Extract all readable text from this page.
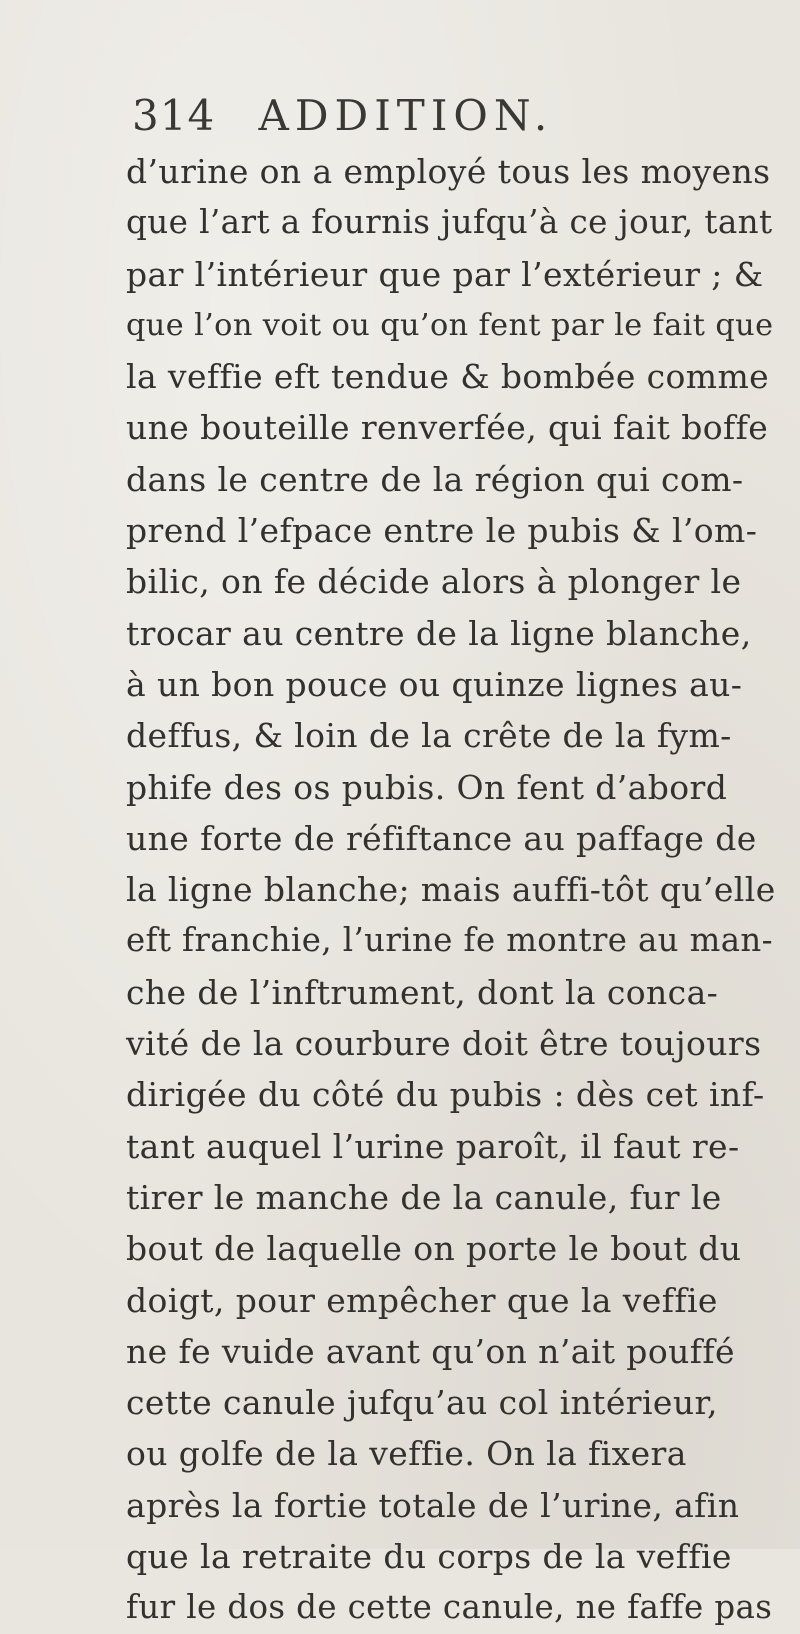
314 ADDITION.
d’urine on a employé tous les moyens
que l’art a fournis jufqu’à ce jour, tant
par l’intérieur que par l’extérieur ; &
que l’on voit ou qu’on fent par le fait que
la veffie eft tendue & bombée comme
une bouteille renverfée, qui fait boffe
dans le centre de la région qui com-
prend l’efpace entre le pubis & l’om-
bilic, on fe décide alors à plonger le
trocar au centre de la ligne blanche,
à un bon pouce ou quinze lignes au-
deffus, & loin de la crête de la fym-
phife des os pubis. On fent d’abord
une forte de réfiftance au paffage de
la ligne blanche; mais auffi-tôt qu’elle
eft franchie, l’urine fe montre au man-
che de l’inftrument, dont la conca-
vité de la courbure doit être toujours
dirigée du côté du pubis : dès cet inf-
tant auquel l’urine paroît, il faut re-
tirer le manche de la canule, fur le
bout de laquelle on porte le bout du
doigt, pour empêcher que la veffie
ne fe vuide avant qu’on n’ait pouffé
cette canule jufqu’au col intérieur,
ou golfe de la veffie. On la fixera
après la fortie totale de l’urine, afin
que la retraite du corps de la veffie
fur le dos de cette canule, ne faffe pas
